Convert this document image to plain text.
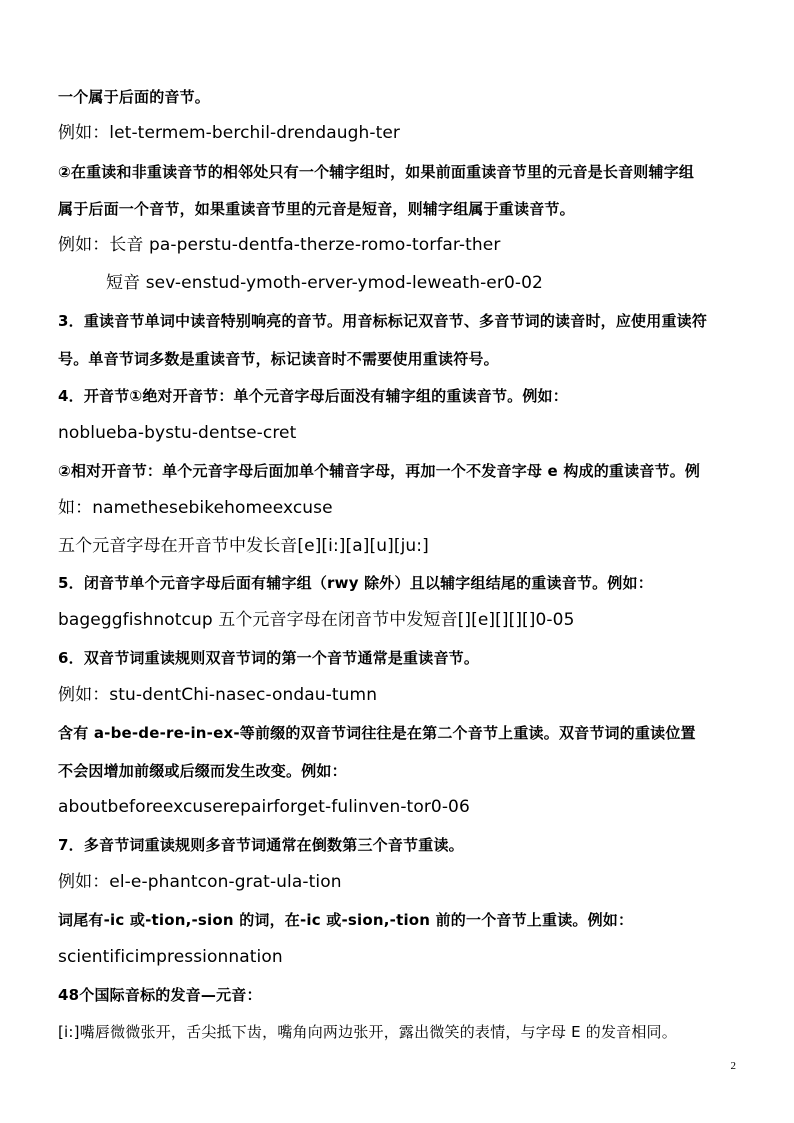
一个属于后面的音节。
例如：let-termem-berchil-drendaugh-ter
②在重读和非重读音节的相邻处只有一个辅字组时，如果前面重读音节里的元音是长音则辅字组
属于后面一个音节，如果重读音节里的元音是短音，则辅字组属于重读音节。
例如：长音 pa-perstu-dentfa-therze-romo-torfar-ther
短音 sev-enstud-ymoth-erver-ymod-leweath-er0-02
3．重读音节单词中读音特别响亮的音节。用音标标记双音节、多音节词的读音时，应使用重读符
号。单音节词多数是重读音节，标记读音时不需要使用重读符号。
4．开音节①绝对开音节：单个元音字母后面没有辅字组的重读音节。例如：
noblueba-bystu-dentse-cret
②相对开音节：单个元音字母后面加单个辅音字母，再加一个不发音字母 e 构成的重读音节。例
如：namethesebikehomeexcuse
五个元音字母在开音节中发长音[e][i:][a][u][ju:]
5．闭音节单个元音字母后面有辅字组（rwy 除外）且以辅字组结尾的重读音节。例如：
bageggfishnotcup 五个元音字母在闭音节中发短音[][e][][][]0-05
6．双音节词重读规则双音节词的第一个音节通常是重读音节。
例如：stu-dentChi-nasec-ondau-tumn
含有 a-be-de-re-in-ex-等前缀的双音节词往往是在第二个音节上重读。双音节词的重读位置
不会因增加前缀或后缀而发生改变。例如：
aboutbeforeexcuserepairforget-fulinven-tor0-06
7．多音节词重读规则多音节词通常在倒数第三个音节重读。
例如：el-e-phantcon-grat-ula-tion
词尾有-ic 或-tion,-sion 的词，在-ic 或-sion,-tion 前的一个音节上重读。例如：
scientificimpressionnation
48个国际音标的发音—元音：
[i:]嘴唇微微张开，舌尖抵下齿，嘴角向两边张开，露出微笑的表情，与字母 E 的发音相同。
2
